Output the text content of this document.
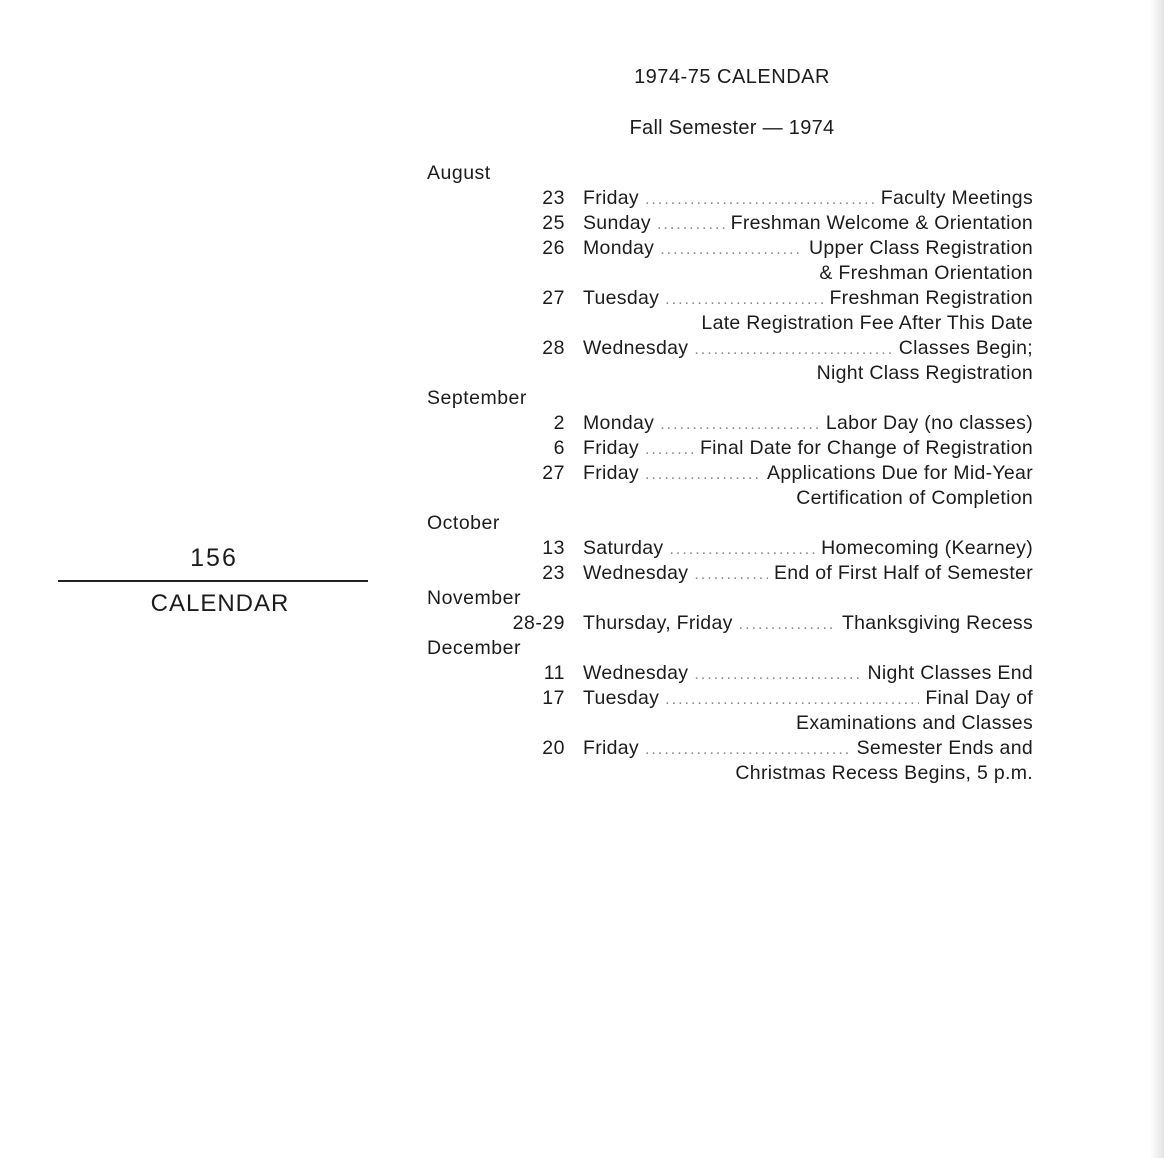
156

CALENDAR

1974-75 CALENDAR
Fall Semester — 1974
August
23 Friday .....	Faculty Meetings
25 Sunday .....	Freshman Welcome & Orientation
26 Monday .....	Upper Class Registration
& Freshman Orientation
27 Tuesday .....	Freshman Registration
Late Registration Fee After This Date
28 Wednesday .....	Classes Begin;
Night Class Registration
September
2 Monday .....	Labor Day (no classes)
6 Friday .....	Final Date for Change of Registration
27 Friday .....	Applications Due for Mid-Year
Certification of Completion
October
13 Saturday .....	Homecoming (Kearney)
23 Wednesday .....	End of First Half of Semester
November
28-29 Thursday, Friday .....	Thanksgiving Recess
December
11 Wednesday .....	Night Classes End
17 Tuesday .....	Final Day of
Examinations and Classes
20 Friday .....	Semester Ends and
Christmas Recess Begins, 5 p.m.
